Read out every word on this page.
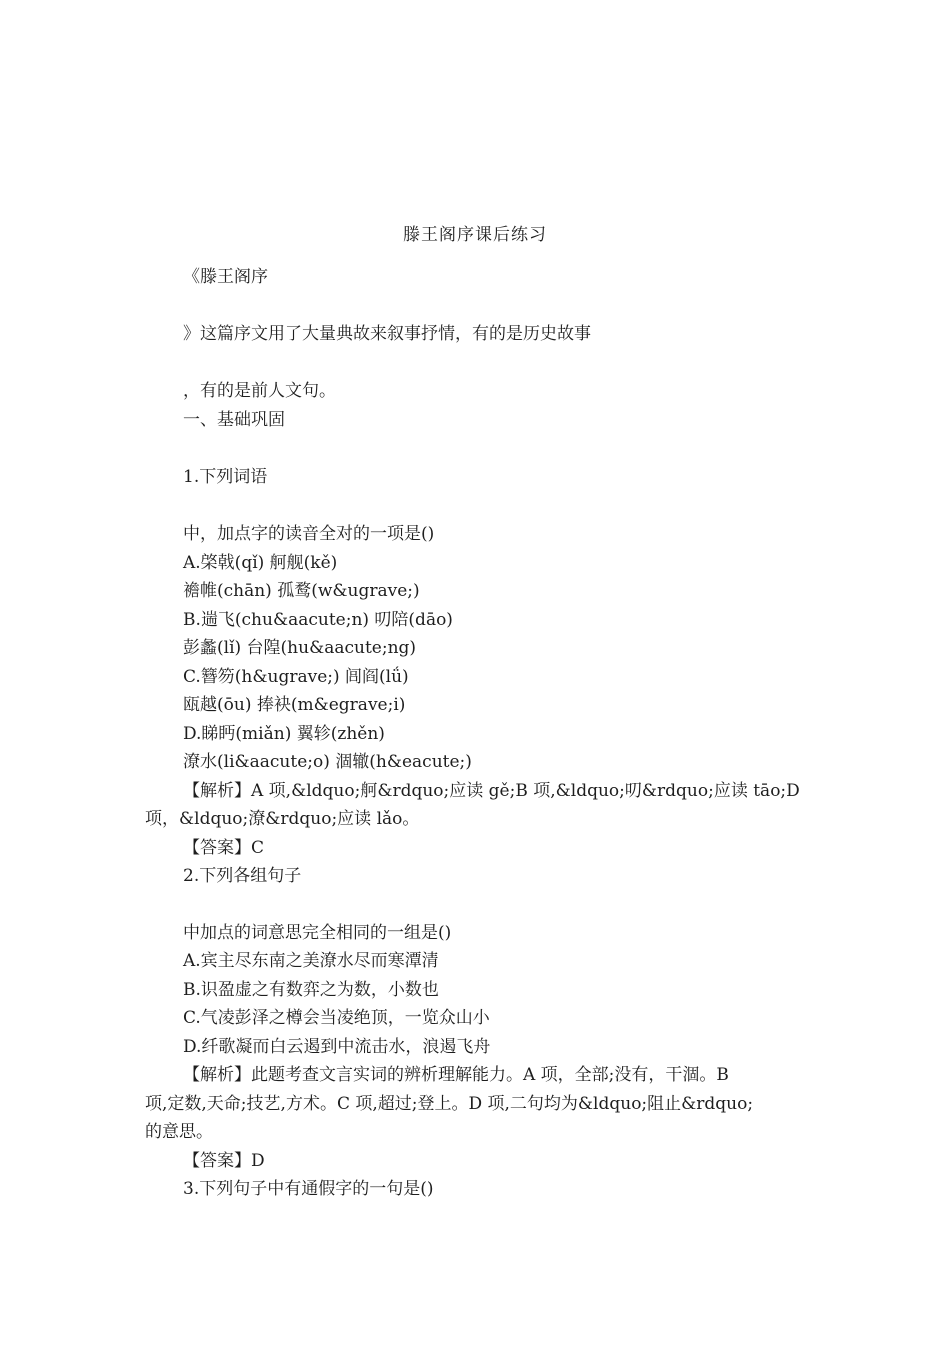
滕王阁序课后练习
《滕王阁序
》这篇序文用了大量典故来叙事抒情，有的是历史故事
，有的是前人文句。
一、基础巩固
1.下列词语
中，加点字的读音全对的一项是()
A.棨戟(qǐ) 舸舰(kě)
襜帷(chān) 孤鹜(w&ugrave;)
B.遄飞(chu&aacute;n) 叨陪(dāo)
彭蠡(lǐ) 台隍(hu&aacute;ng)
C.簪笏(h&ugrave;) 闾阎(lǘ)
瓯越(ōu) 捧袂(m&egrave;i)
D.睇眄(miǎn) 翼轸(zhěn)
潦水(li&aacute;o) 涸辙(h&eacute;)
【解析】A 项,&ldquo;舸&rdquo;应读 gě;B 项,&ldquo;叨&rdquo;应读 tāo;D
项，&ldquo;潦&rdquo;应读 lǎo。
【答案】C
2.下列各组句子
中加点的词意思完全相同的一组是()
A.宾主尽东南之美潦水尽而寒潭清
B.识盈虚之有数弈之为数，小数也
C.气凌彭泽之樽会当凌绝顶，一览众山小
D.纤歌凝而白云遏到中流击水，浪遏飞舟
【解析】此题考查文言实词的辨析理解能力。A 项，全部;没有，干涸。B
项,定数,天命;技艺,方术。C 项,超过;登上。D 项,二句均为&ldquo;阻止&rdquo;
的意思。
【答案】D
3.下列句子中有通假字的一句是()
